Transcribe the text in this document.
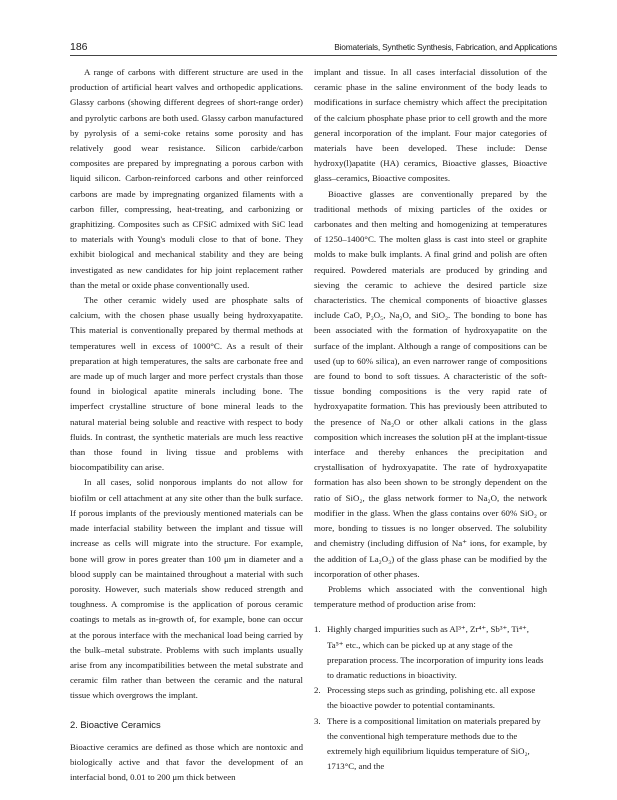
186	Biomaterials, Synthetic Synthesis, Fabrication, and Applications

A range of carbons with different structure are used in the production of artificial heart valves and orthopedic applications. Glassy carbons (showing different degrees of short-range order) and pyrolytic carbons are both used. Glassy carbon manufactured by pyrolysis of a semi-coke retains some porosity and has relatively good wear resistance. Silicon carbide/carbon composites are prepared by impregnating a porous carbon with liquid silicon. Carbon-reinforced carbons and other reinforced carbons are made by impregnating organized filaments with a carbon filler, compressing, heat-treating, and carbonizing or graphitizing. Composites such as CFSiC admixed with SiC lead to materials with Young's moduli close to that of bone. They exhibit biological and mechanical stability and they are being investigated as new candidates for hip joint replacement rather than the metal or oxide phase conventionally used.

The other ceramic widely used are phosphate salts of calcium, with the chosen phase usually being hydroxyapatite. This material is conventionally prepared by thermal methods at temperatures well in excess of 1000°C. As a result of their preparation at high temperatures, the salts are carbonate free and are made up of much larger and more perfect crystals than those found in biological apatite minerals including bone. The imperfect crystalline structure of bone mineral leads to the natural material being soluble and reactive with respect to body fluids. In contrast, the synthetic materials are much less reactive than those found in living tissue and problems with biocompatibility can arise.

In all cases, solid nonporous implants do not allow for biofilm or cell attachment at any site other than the bulk surface. If porous implants of the previously mentioned materials can be made interfacial stability between the implant and tissue will increase as cells will migrate into the structure. For example, bone will grow in pores greater than 100 μm in diameter and a blood supply can be maintained throughout a material with such porosity. However, such materials show reduced strength and toughness. A compromise is the application of porous ceramic coatings to metals as in-growth of, for example, bone can occur at the porous interface with the mechanical load being carried by the bulk–metal substrate. Problems with such implants usually arise from any incompatibilities between the metal substrate and ceramic film rather than between the ceramic and the natural tissue which overgrows the implant.

2. Bioactive Ceramics

Bioactive ceramics are defined as those which are nontoxic and biologically active and that favor the development of an interfacial bond, 0.01 to 200 μm thick between

implant and tissue. In all cases interfacial dissolution of the ceramic phase in the saline environment of the body leads to modifications in surface chemistry which affect the precipitation of the calcium phosphate phase prior to cell growth and the more general incorporation of the implant. Four major categories of materials have been developed. These include: Dense hydroxy(l)apatite (HA) ceramics, Bioactive glasses, Bioactive glass–ceramics, Bioactive composites.

Bioactive glasses are conventionally prepared by the traditional methods of mixing particles of the oxides or carbonates and then melting and homogenizing at temperatures of 1250–1400°C. The molten glass is cast into steel or graphite molds to make bulk implants. A final grind and polish are often required. Powdered materials are produced by grinding and sieving the ceramic to achieve the desired particle size characteristics. The chemical components of bioactive glasses include CaO, P₂O₅, Na₂O, and SiO₂. The bonding to bone has been associated with the formation of hydroxyapatite on the surface of the implant. Although a range of compositions can be used (up to 60% silica), an even narrower range of compositions are found to bond to soft tissues. A characteristic of the soft-tissue bonding compositions is the very rapid rate of hydroxyapatite formation. This has previously been attributed to the presence of Na₂O or other alkali cations in the glass composition which increases the solution pH at the implant-tissue interface and thereby enhances the precipitation and crystallisation of hydroxyapatite. The rate of hydroxyapatite formation has also been shown to be strongly dependent on the ratio of SiO₂, the glass network former to Na₂O, the network modifier in the glass. When the glass contains over 60% SiO₂ or more, bonding to tissues is no longer observed. The solubility and chemistry (including diffusion of Na⁺ ions, for example, by the addition of La₂O₃) of the glass phase can be modified by the incorporation of other phases.

Problems which associated with the conventional high temperature method of production arise from:

1. Highly charged impurities such as Al³⁺, Zr⁴⁺, Sb³⁺, Ti⁴⁺, Ta⁵⁺ etc., which can be picked up at any stage of the preparation process. The incorporation of impurity ions leads to dramatic reductions in bioactivity.
2. Processing steps such as grinding, polishing etc. all expose the bioactive powder to potential contaminants.
3. There is a compositional limitation on materials prepared by the conventional high temperature methods due to the extremely high equilibrium liquidus temperature of SiO₂, 1713°C, and the
